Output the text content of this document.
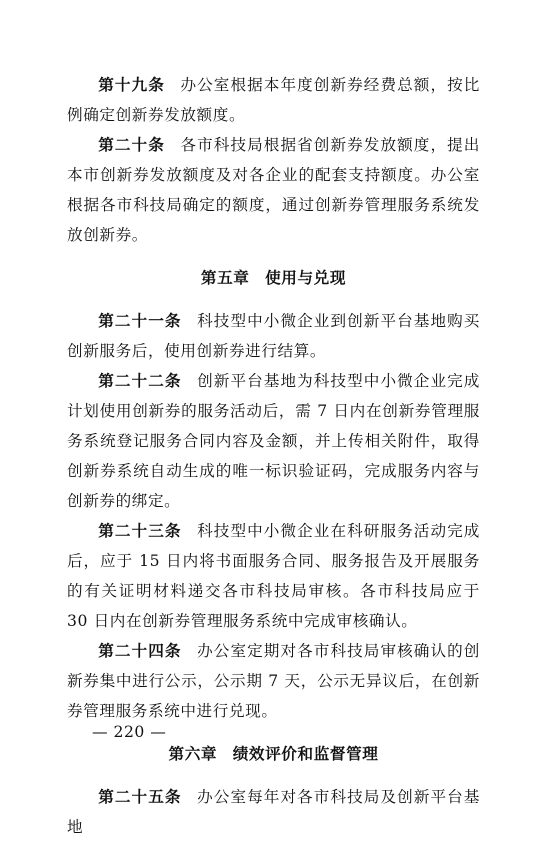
第十九条 办公室根据本年度创新券经费总额，按比例确定创新券发放额度。

第二十条 各市科技局根据省创新券发放额度，提出本市创新券发放额度及对各企业的配套支持额度。办公室根据各市科技局确定的额度，通过创新券管理服务系统发放创新券。

第五章 使用与兑现

第二十一条 科技型中小微企业到创新平台基地购买创新服务后，使用创新券进行结算。

第二十二条 创新平台基地为科技型中小微企业完成计划使用创新券的服务活动后，需 7 日内在创新券管理服务系统登记服务合同内容及金额，并上传相关附件，取得创新券系统自动生成的唯一标识验证码，完成服务内容与创新券的绑定。

第二十三条 科技型中小微企业在科研服务活动完成后，应于 15 日内将书面服务合同、服务报告及开展服务的有关证明材料递交各市科技局审核。各市科技局应于 30 日内在创新券管理服务系统中完成审核确认。

第二十四条 办公室定期对各市科技局审核确认的创新券集中进行公示，公示期 7 天，公示无异议后，在创新券管理服务系统中进行兑现。

第六章 绩效评价和监督管理

第二十五条 办公室每年对各市科技局及创新平台基地

— 220 —
